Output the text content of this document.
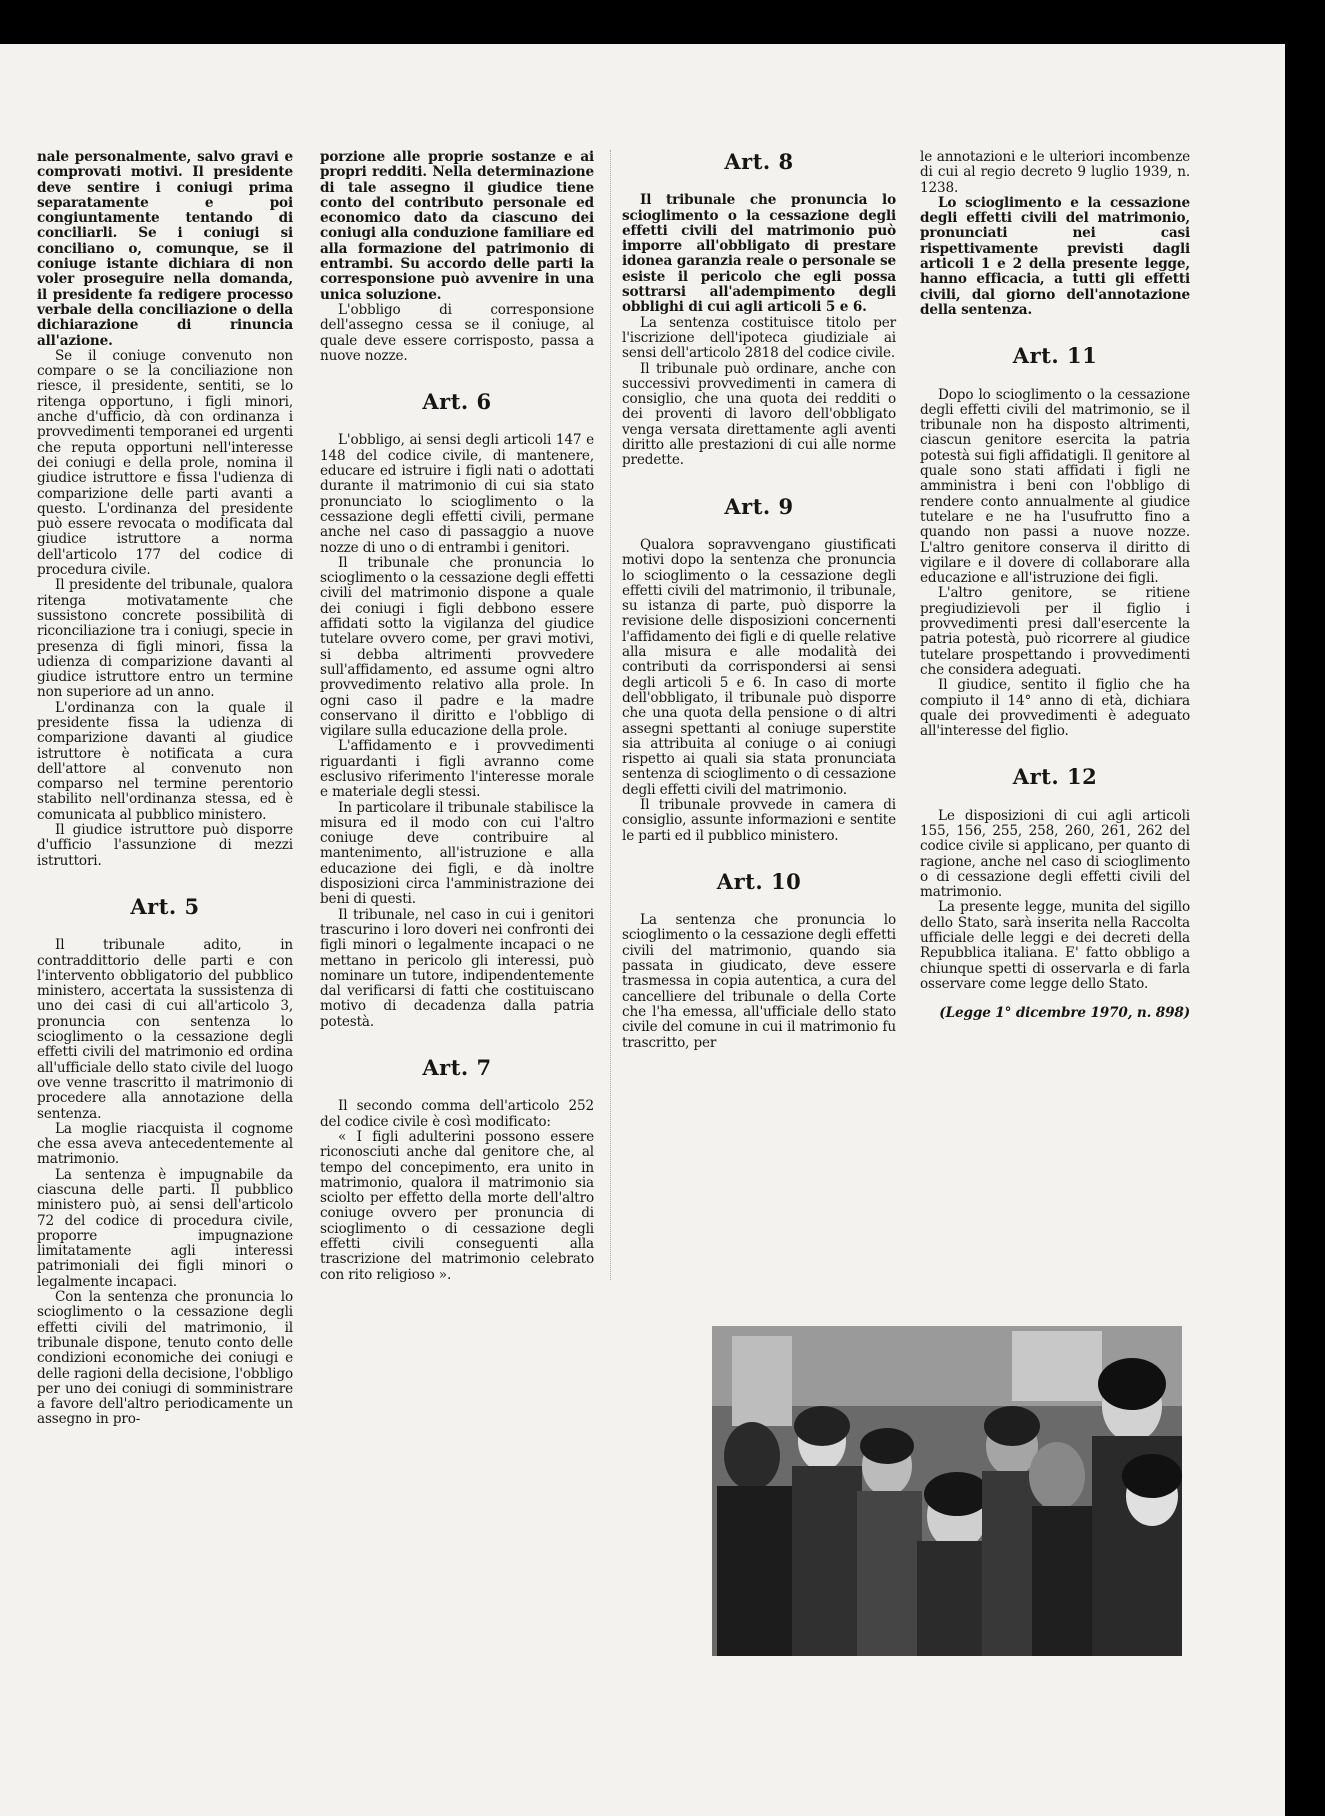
nale personalmente, salvo gravi e comprovati motivi. Il presidente deve sentire i coniugi prima separatamente e poi congiuntamente tentando di conciliarli. Se i coniugi si conciliano o, comunque, se il coniuge istante dichiara di non voler proseguire nella domanda, il presidente fa redigere processo verbale della conciliazione o della dichiarazione di rinuncia all'azione.

Se il coniuge convenuto non compare o se la conciliazione non riesce, il presidente, sentiti, se lo ritenga opportuno, i figli minori, anche d'ufficio, dà con ordinanza i provvedimenti temporanei ed urgenti che reputa opportuni nell'interesse dei coniugi e della prole, nomina il giudice istruttore e fissa l'udienza di comparizione delle parti avanti a questo. L'ordinanza del presidente può essere revocata o modificata dal giudice istruttore a norma dell'articolo 177 del codice di procedura civile.

Il presidente del tribunale, qualora ritenga motivatamente che sussistono concrete possibilità di riconciliazione tra i coniugi, specie in presenza di figli minori, fissa la udienza di comparizione davanti al giudice istruttore entro un termine non superiore ad un anno.

L'ordinanza con la quale il presidente fissa la udienza di comparizione davanti al giudice istruttore è notificata a cura dell'attore al convenuto non comparso nel termine perentorio stabilito nell'ordinanza stessa, ed è comunicata al pubblico ministero.

Il giudice istruttore può disporre d'ufficio l'assunzione di mezzi istruttori.

Art. 5

Il tribunale adito, in contraddittorio delle parti e con l'intervento obbligatorio del pubblico ministero, accertata la sussistenza di uno dei casi di cui all'articolo 3, pronuncia con sentenza lo scioglimento o la cessazione degli effetti civili del matrimonio ed ordina all'ufficiale dello stato civile del luogo ove venne trascritto il matrimonio di procedere alla annotazione della sentenza.

La moglie riacquista il cognome che essa aveva antecedentemente al matrimonio.

La sentenza è impugnabile da ciascuna delle parti. Il pubblico ministero può, ai sensi dell'articolo 72 del codice di procedura civile, proporre impugnazione limitatamente agli interessi patrimoniali dei figli minori o legalmente incapaci.

Con la sentenza che pronuncia lo scioglimento o la cessazione degli effetti civili del matrimonio, il tribunale dispone, tenuto conto delle condizioni economiche dei coniugi e delle ragioni della decisione, l'obbligo per uno dei coniugi di somministrare a favore dell'altro periodicamente un assegno in pro-

porzione alle proprie sostanze e ai propri redditi. Nella determinazione di tale assegno il giudice tiene conto del contributo personale ed economico dato da ciascuno dei coniugi alla conduzione familiare ed alla formazione del patrimonio di entrambi. Su accordo delle parti la corresponsione può avvenire in una unica soluzione.

L'obbligo di corresponsione dell'assegno cessa se il coniuge, al quale deve essere corrisposto, passa a nuove nozze.

Art. 6

L'obbligo, ai sensi degli articoli 147 e 148 del codice civile, di mantenere, educare ed istruire i figli nati o adottati durante il matrimonio di cui sia stato pronunciato lo scioglimento o la cessazione degli effetti civili, permane anche nel caso di passaggio a nuove nozze di uno o di entrambi i genitori.

Il tribunale che pronuncia lo scioglimento o la cessazione degli effetti civili del matrimonio dispone a quale dei coniugi i figli debbono essere affidati sotto la vigilanza del giudice tutelare ovvero come, per gravi motivi, si debba altrimenti provvedere sull'affidamento, ed assume ogni altro provvedimento relativo alla prole. In ogni caso il padre e la madre conservano il diritto e l'obbligo di vigilare sulla educazione della prole.

L'affidamento e i provvedimenti riguardanti i figli avranno come esclusivo riferimento l'interesse morale e materiale degli stessi.

In particolare il tribunale stabilisce la misura ed il modo con cui l'altro coniuge deve contribuire al mantenimento, all'istruzione e alla educazione dei figli, e dà inoltre disposizioni circa l'amministrazione dei beni di questi.

Il tribunale, nel caso in cui i genitori trascurino i loro doveri nei confronti dei figli minori o legalmente incapaci o ne mettano in pericolo gli interessi, può nominare un tutore, indipendentemente dal verificarsi di fatti che costituiscano motivo di decadenza dalla patria potestà.

Art. 7

Il secondo comma dell'articolo 252 del codice civile è così modificato:

« I figli adulterini possono essere riconosciuti anche dal genitore che, al tempo del concepimento, era unito in matrimonio, qualora il matrimonio sia sciolto per effetto della morte dell'altro coniuge ovvero per pronuncia di scioglimento o di cessazione degli effetti civili conseguenti alla trascrizione del matrimonio celebrato con rito religioso ».

Art. 8

Il tribunale che pronuncia lo scioglimento o la cessazione degli effetti civili del matrimonio può imporre all'obbligato di prestare idonea garanzia reale o personale se esiste il pericolo che egli possa sottrarsi all'adempimento degli obblighi di cui agli articoli 5 e 6.

La sentenza costituisce titolo per l'iscrizione dell'ipoteca giudiziale ai sensi dell'articolo 2818 del codice civile.

Il tribunale può ordinare, anche con successivi provvedimenti in camera di consiglio, che una quota dei redditi o dei proventi di lavoro dell'obbligato venga versata direttamente agli aventi diritto alle prestazioni di cui alle norme predette.

Art. 9

Qualora sopravvengano giustificati motivi dopo la sentenza che pronuncia lo scioglimento o la cessazione degli effetti civili del matrimonio, il tribunale, su istanza di parte, può disporre la revisione delle disposizioni concernenti l'affidamento dei figli e di quelle relative alla misura e alle modalità dei contributi da corrispondersi ai sensi degli articoli 5 e 6. In caso di morte dell'obbligato, il tribunale può disporre che una quota della pensione o di altri assegni spettanti al coniuge superstite sia attribuita al coniuge o ai coniugi rispetto ai quali sia stata pronunciata sentenza di scioglimento o di cessazione degli effetti civili del matrimonio.

Il tribunale provvede in camera di consiglio, assunte informazioni e sentite le parti ed il pubblico ministero.

Art. 10

La sentenza che pronuncia lo scioglimento o la cessazione degli effetti civili del matrimonio, quando sia passata in giudicato, deve essere trasmessa in copia autentica, a cura del cancelliere del tribunale o della Corte che l'ha emessa, all'ufficiale dello stato civile del comune in cui il matrimonio fu trascritto, per

le annotazioni e le ulteriori incombenze di cui al regio decreto 9 luglio 1939, n. 1238.

Lo scioglimento e la cessazione degli effetti civili del matrimonio, pronunciati nei casi rispettivamente previsti dagli articoli 1 e 2 della presente legge, hanno efficacia, a tutti gli effetti civili, dal giorno dell'annotazione della sentenza.

Art. 11

Dopo lo scioglimento o la cessazione degli effetti civili del matrimonio, se il tribunale non ha disposto altrimenti, ciascun genitore esercita la patria potestà sui figli affidatigli. Il genitore al quale sono stati affidati i figli ne amministra i beni con l'obbligo di rendere conto annualmente al giudice tutelare e ne ha l'usufrutto fino a quando non passi a nuove nozze. L'altro genitore conserva il diritto di vigilare e il dovere di collaborare alla educazione e all'istruzione dei figli.

L'altro genitore, se ritiene pregiudizievoli per il figlio i provvedimenti presi dall'esercente la patria potestà, può ricorrere al giudice tutelare prospettando i provvedimenti che considera adeguati.

Il giudice, sentito il figlio che ha compiuto il 14° anno di età, dichiara quale dei provvedimenti è adeguato all'interesse del figlio.

Art. 12

Le disposizioni di cui agli articoli 155, 156, 255, 258, 260, 261, 262 del codice civile si applicano, per quanto di ragione, anche nel caso di scioglimento o di cessazione degli effetti civili del matrimonio.

La presente legge, munita del sigillo dello Stato, sarà inserita nella Raccolta ufficiale delle leggi e dei decreti della Repubblica italiana. E' fatto obbligo a chiunque spetti di osservarla e di farla osservare come legge dello Stato.

(Legge 1° dicembre 1970, n. 898)
